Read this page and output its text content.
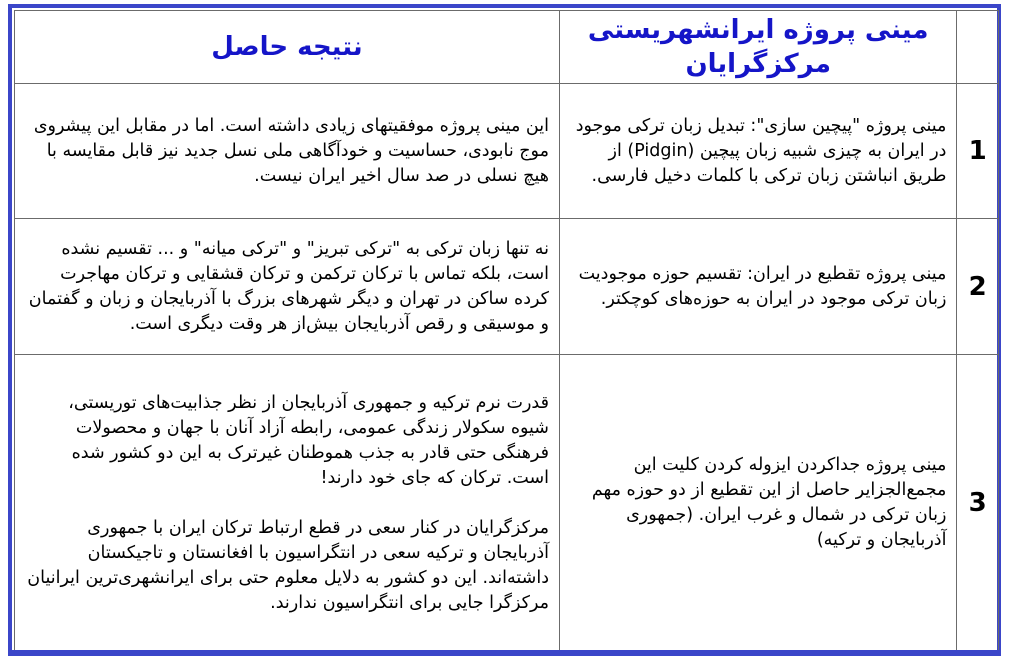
	مینی پروژه ایرانشهریستی مرکزگرایان	نتیجه حاصل
1	مینی پروژه "پیچین سازی": تبدیل زبان ترکی موجود در ایران به چیزی شبیه زبان پیچین (Pidgin) از طریق انباشتن زبان ترکی با کلمات دخیل فارسی.	این مینی پروژه موفقیتهای زیادی داشته است. اما در مقابل این پیشروی موج نابودی، حساسیت و خودآگاهی ملی نسل جدید نیز قابل مقایسه با هیچ نسلی در صد سال اخیر ایران نیست.
2	مینی پروژه تقطیع در ایران: تقسیم حوزه موجودیت زبان ترکی موجود در ایران به حوزه‌های کوچکتر.	نه تنها زبان ترکی به "ترکی تبریز" و "ترکی میانه" و ... تقسیم نشده است، بلکه تماس با ترکان ترکمن و ترکان قشقایی و ترکان مهاجرت کرده ساکن در تهران و دیگر شهرهای بزرگ با آذربایجان و زبان و گفتمان و موسیقی و رقص آذربایجان بیش‌از هر وقت دیگری است.
3	مینی پروژه جداکردن ایزوله کردن کلیت این مجمع‌الجزایر حاصل از این تقطیع از دو حوزه مهم زبان ترکی در شمال و غرب ایران. (جمهوری آذربایجان و ترکیه)	قدرت نرم ترکیه و جمهوری آذربایجان از نظر جذابیت‌های توریستی، شیوه سکولار زندگی عمومی، رابطه آزاد آنان با جهان و محصولات فرهنگی حتی قادر به جذب هموطنان غیرترک به این دو کشور شده است. ترکان که جای خود دارند!
مرکزگرایان در کنار سعی در قطع ارتباط ترکان ایران با جمهوری آذربایجان و ترکیه سعی در انتگراسیون با افغانستان و تاجیکستان داشته‌اند. این دو کشور به دلایل معلوم حتی برای ایرانشهری‌ترین ایرانیان مرکزگرا جایی برای انتگراسیون ندارند.
